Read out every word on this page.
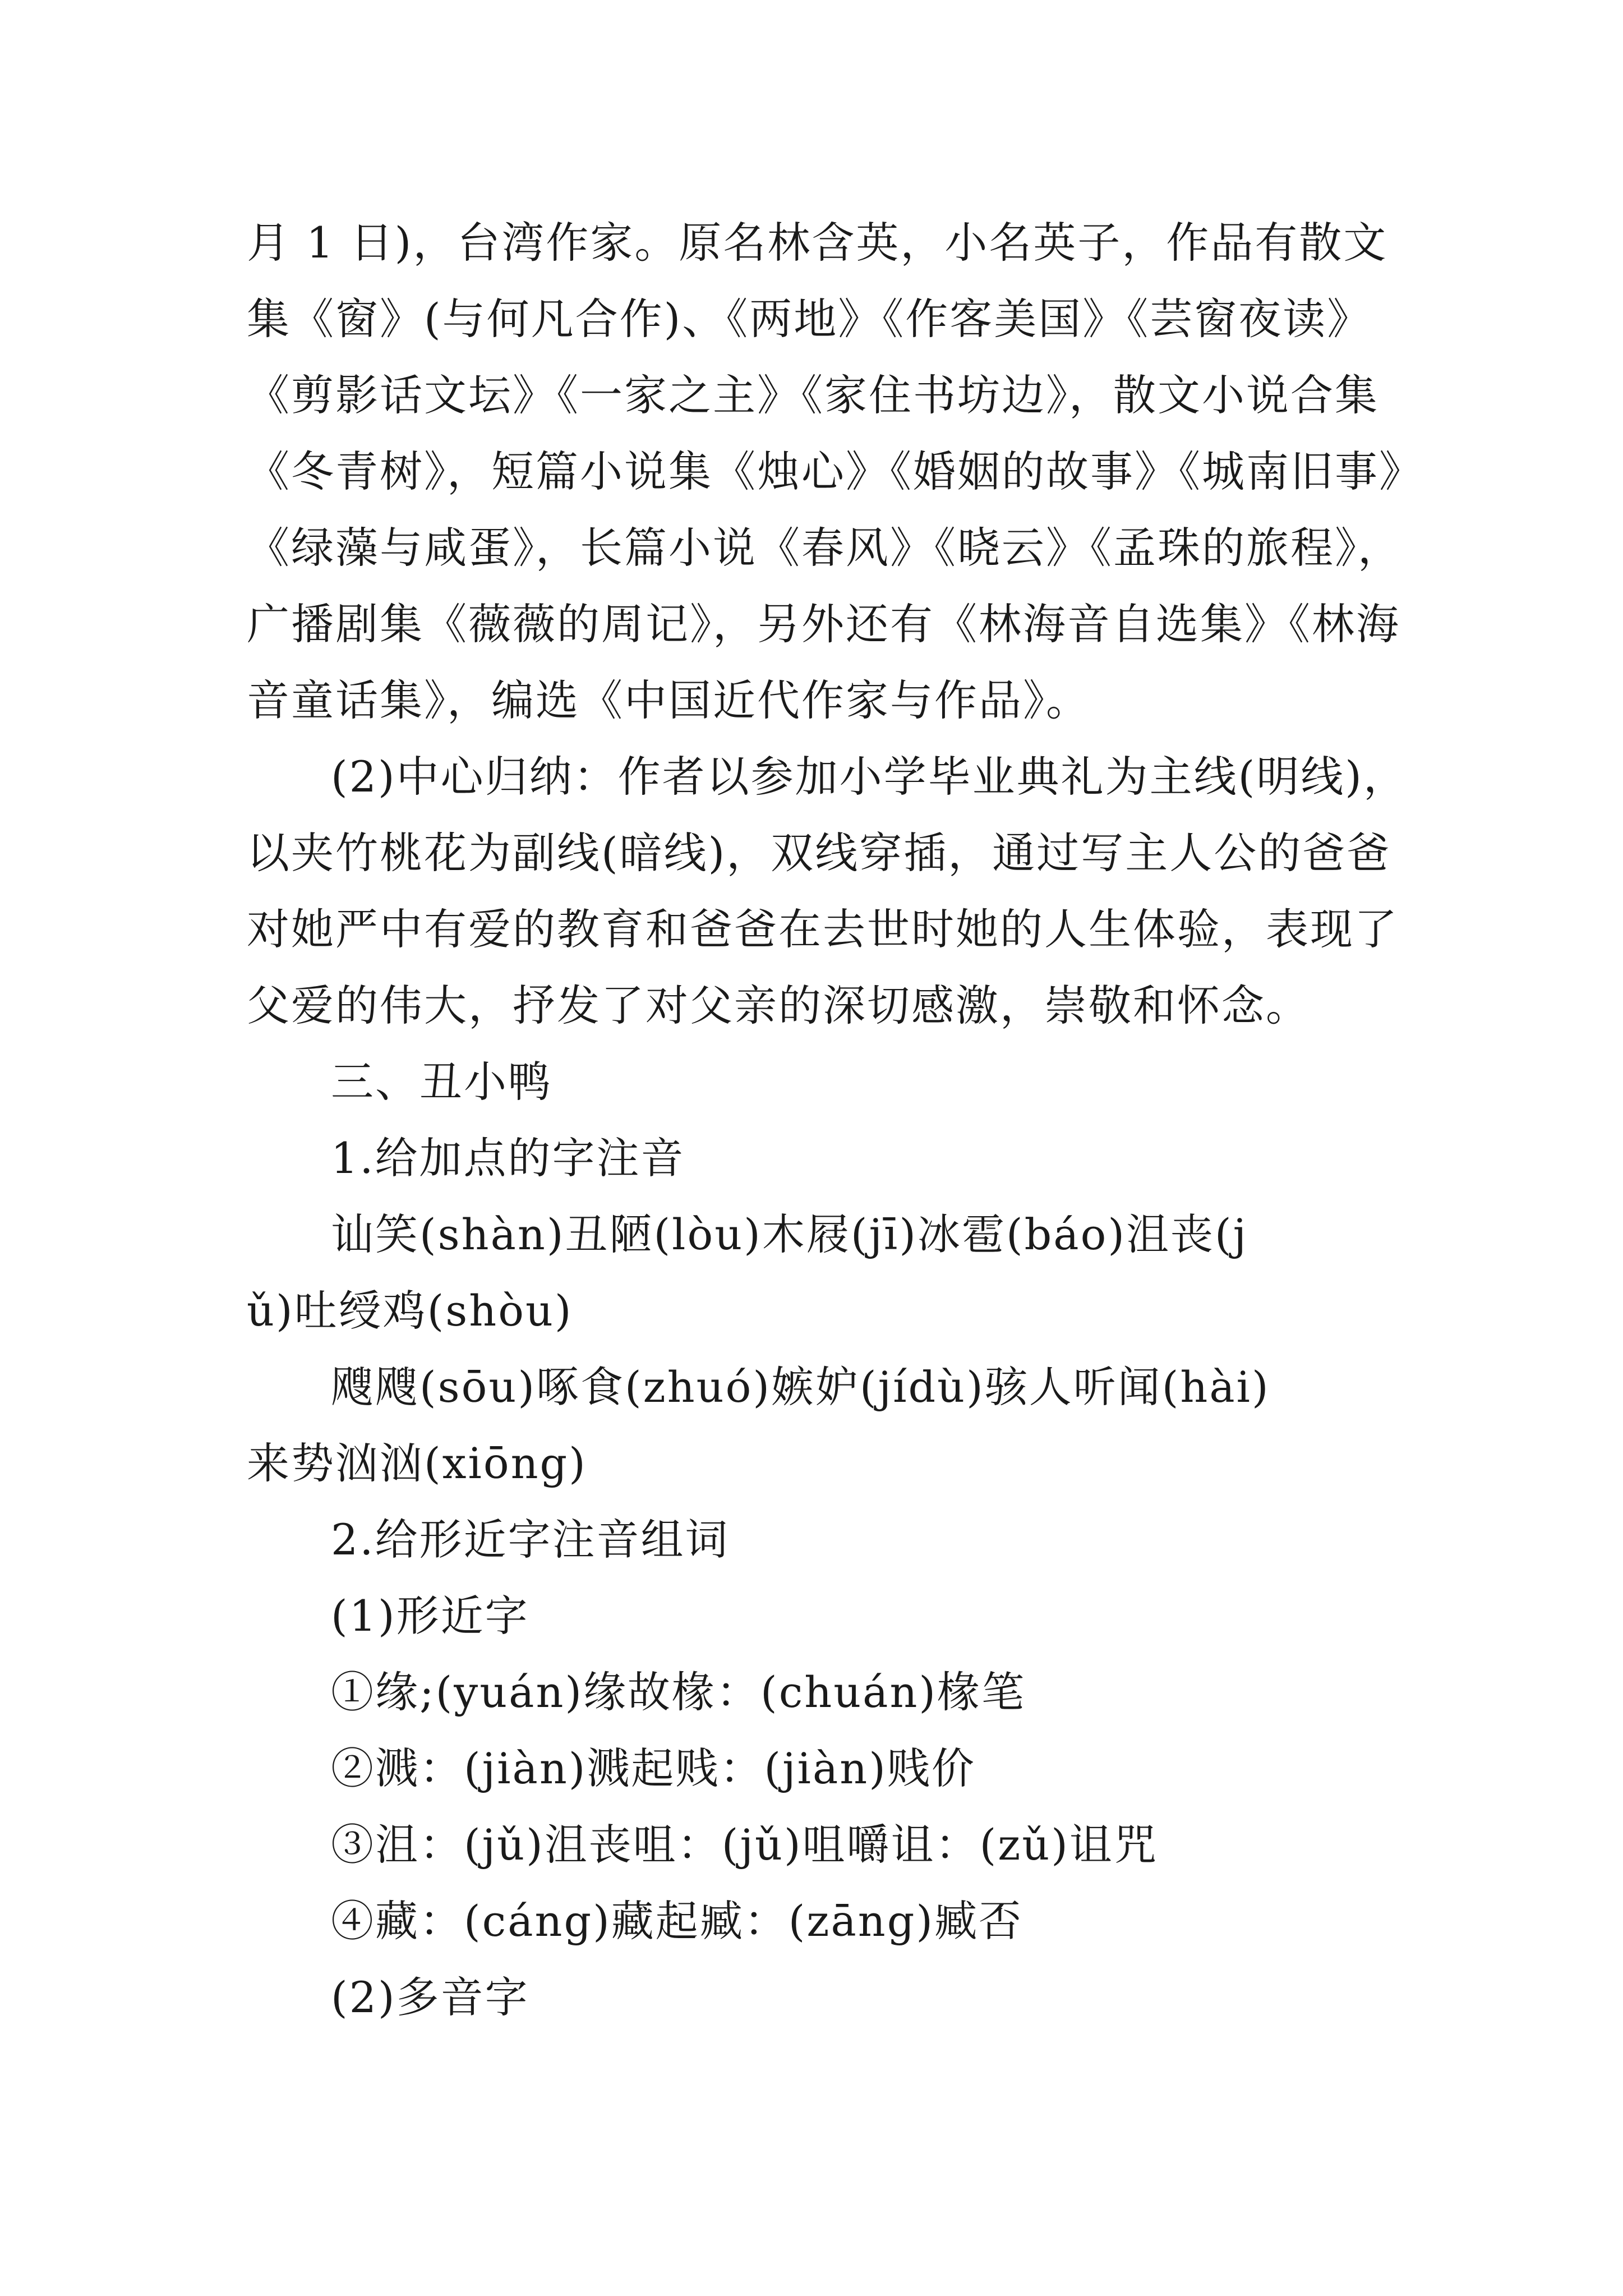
月 1 日)，台湾作家。原名林含英，小名英子，作品有散文
集《窗》(与何凡合作)、《两地》《作客美国》《芸窗夜读》
《剪影话文坛》《一家之主》《家住书坊边》，散文小说合集
《冬青树》，短篇小说集《烛心》《婚姻的故事》《城南旧事》
《绿藻与咸蛋》，长篇小说《春风》《晓云》《孟珠的旅程》，
广播剧集《薇薇的周记》，另外还有《林海音自选集》《林海
音童话集》，编选《中国近代作家与作品》。
(2)中心归纳：作者以参加小学毕业典礼为主线(明线)，
以夹竹桃花为副线(暗线)，双线穿插，通过写主人公的爸爸
对她严中有爱的教育和爸爸在去世时她的人生体验，表现了
父爱的伟大，抒发了对父亲的深切感激，崇敬和怀念。
三、丑小鸭
1.给加点的字注音
讪笑(shàn)丑陋(lòu)木屐(jī)冰雹(báo)沮丧(j
ǔ)吐绶鸡(shòu)
飕飕(sōu)啄食(zhuó)嫉妒(jídù)骇人听闻(hài)
来势汹汹(xiōng)
2.给形近字注音组词
(1)形近字
①缘;(yuán)缘故椽：(chuán)椽笔
②溅：(jiàn)溅起贱：(jiàn)贱价
③沮：(jǔ)沮丧咀：(jǔ)咀嚼诅：(zǔ)诅咒
④藏：(cáng)藏起臧：(zāng)臧否
(2)多音字
